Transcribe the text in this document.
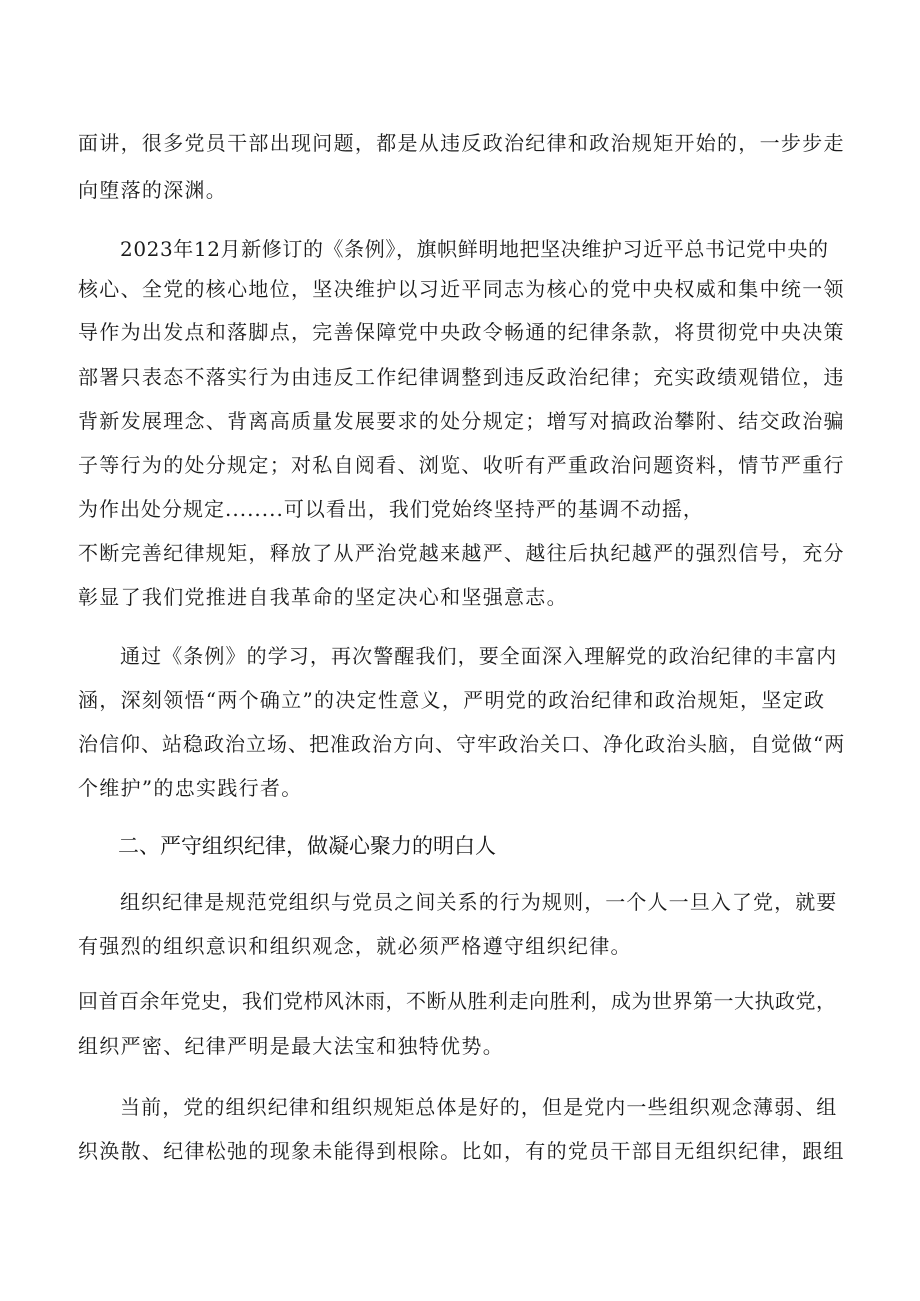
面讲，很多党员干部出现问题，都是从违反政治纪律和政治规矩开始的，一步步走
向堕落的深渊。
2023年12月新修订的《条例》，旗帜鲜明地把坚决维护习近平总书记党中央的
核心、全党的核心地位，坚决维护以习近平同志为核心的党中央权威和集中统一领
导作为出发点和落脚点，完善保障党中央政令畅通的纪律条款，将贯彻党中央决策
部署只表态不落实行为由违反工作纪律调整到违反政治纪律；充实政绩观错位，违
背新发展理念、背离高质量发展要求的处分规定；增写对搞政治攀附、结交政治骗
子等行为的处分规定；对私自阅看、浏览、收听有严重政治问题资料，情节严重行
为作出处分规定........可以看出，我们党始终坚持严的基调不动摇，
不断完善纪律规矩，释放了从严治党越来越严、越往后执纪越严的强烈信号，充分
彰显了我们党推进自我革命的坚定决心和坚强意志。
通过《条例》的学习，再次警醒我们，要全面深入理解党的政治纪律的丰富内
涵，深刻领悟“两个确立”的决定性意义，严明党的政治纪律和政治规矩，坚定政
治信仰、站稳政治立场、把准政治方向、守牢政治关口、净化政治头脑，自觉做“两
个维护”的忠实践行者。
二、严守组织纪律，做凝心聚力的明白人
组织纪律是规范党组织与党员之间关系的行为规则，一个人一旦入了党，就要
有强烈的组织意识和组织观念，就必须严格遵守组织纪律。
回首百余年党史，我们党栉风沐雨，不断从胜利走向胜利，成为世界第一大执政党，
组织严密、纪律严明是最大法宝和独特优势。
当前，党的组织纪律和组织规矩总体是好的，但是党内一些组织观念薄弱、组
织涣散、纪律松弛的现象未能得到根除。比如，有的党员干部目无组织纪律，跟组
